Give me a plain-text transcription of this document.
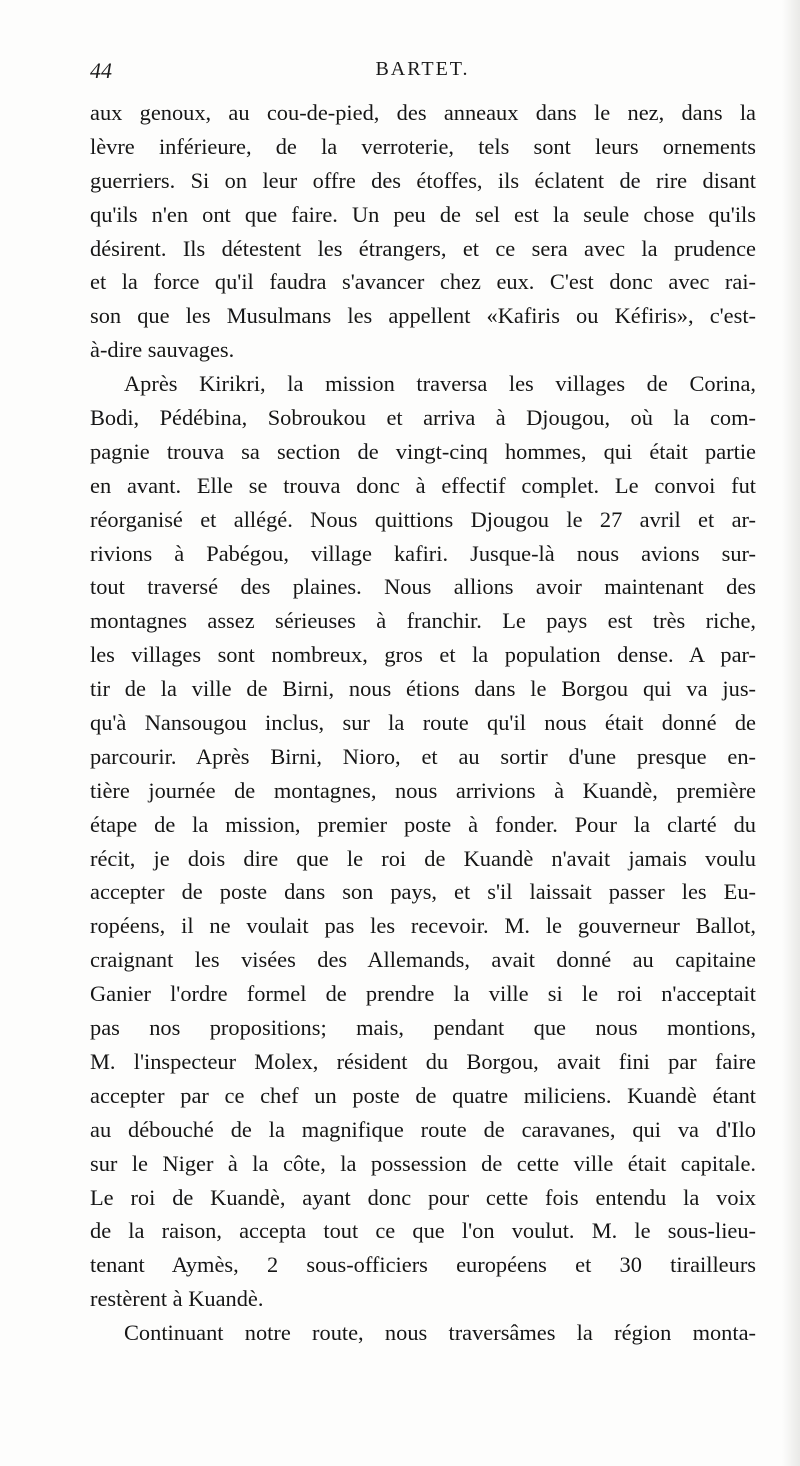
44	BARTET.
aux genoux, au cou-de-pied, des anneaux dans le nez, dans la
lèvre inférieure, de la verroterie, tels sont leurs ornements
guerriers. Si on leur offre des étoffes, ils éclatent de rire disant
qu'ils n'en ont que faire. Un peu de sel est la seule chose qu'ils
désirent. Ils détestent les étrangers, et ce sera avec la prudence
et la force qu'il faudra s'avancer chez eux. C'est donc avec rai-
son que les Musulmans les appellent «Kafiris ou Kéfiris», c'est-
à-dire sauvages.
Après Kirikri, la mission traversa les villages de Corina,
Bodi, Pédébina, Sobroukou et arriva à Djougou, où la com-
pagnie trouva sa section de vingt-cinq hommes, qui était partie
en avant. Elle se trouva donc à effectif complet. Le convoi fut
réorganisé et allégé. Nous quittions Djougou le 27 avril et ar-
rivions à Pabégou, village kafiri. Jusque-là nous avions sur-
tout traversé des plaines. Nous allions avoir maintenant des
montagnes assez sérieuses à franchir. Le pays est très riche,
les villages sont nombreux, gros et la population dense. A par-
tir de la ville de Birni, nous étions dans le Borgou qui va jus-
qu'à Nansougou inclus, sur la route qu'il nous était donné de
parcourir. Après Birni, Nioro, et au sortir d'une presque en-
tière journée de montagnes, nous arrivions à Kuandè, première
étape de la mission, premier poste à fonder. Pour la clarté du
récit, je dois dire que le roi de Kuandè n'avait jamais voulu
accepter de poste dans son pays, et s'il laissait passer les Eu-
ropéens, il ne voulait pas les recevoir. M. le gouverneur Ballot,
craignant les visées des Allemands, avait donné au capitaine
Ganier l'ordre formel de prendre la ville si le roi n'acceptait
pas nos propositions; mais, pendant que nous montions,
M. l'inspecteur Molex, résident du Borgou, avait fini par faire
accepter par ce chef un poste de quatre miliciens. Kuandè étant
au débouché de la magnifique route de caravanes, qui va d'Ilo
sur le Niger à la côte, la possession de cette ville était capitale.
Le roi de Kuandè, ayant donc pour cette fois entendu la voix
de la raison, accepta tout ce que l'on voulut. M. le sous-lieu-
tenant Aymès, 2 sous-officiers européens et 30 tirailleurs
restèrent à Kuandè.
Continuant notre route, nous traversâmes la région monta-
